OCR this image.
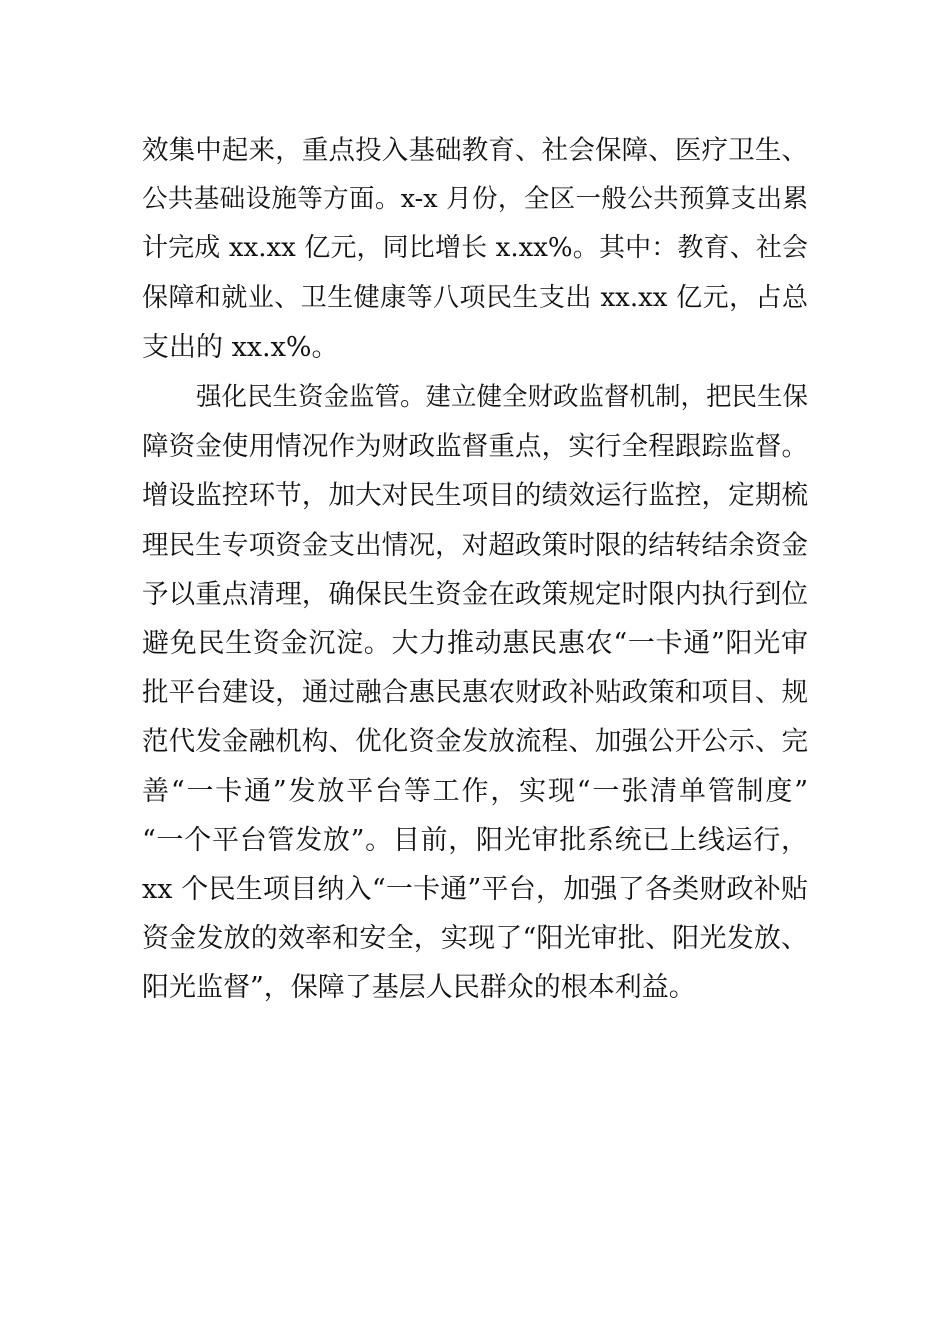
效集中起来，重点投入基础教育、社会保障、医疗卫生、
公共基础设施等方面。x-x 月份，全区一般公共预算支出累
计完成 xx.xx 亿元，同比增长 x.xx%。其中：教育、社会
保障和就业、卫生健康等八项民生支出 xx.xx 亿元，占总
支出的 xx.x%。
强化民生资金监管。建立健全财政监督机制，把民生保
障资金使用情况作为财政监督重点，实行全程跟踪监督。
增设监控环节，加大对民生项目的绩效运行监控，定期梳
理民生专项资金支出情况，对超政策时限的结转结余资金
予以重点清理，确保民生资金在政策规定时限内执行到位
避免民生资金沉淀。大力推动惠民惠农“一卡通”阳光审
批平台建设，通过融合惠民惠农财政补贴政策和项目、规
范代发金融机构、优化资金发放流程、加强公开公示、完
善“一卡通”发放平台等工作，实现“一张清单管制度”
“一个平台管发放”。目前，阳光审批系统已上线运行，
xx 个民生项目纳入“一卡通”平台，加强了各类财政补贴
资金发放的效率和安全，实现了“阳光审批、阳光发放、
阳光监督”，保障了基层人民群众的根本利益。
